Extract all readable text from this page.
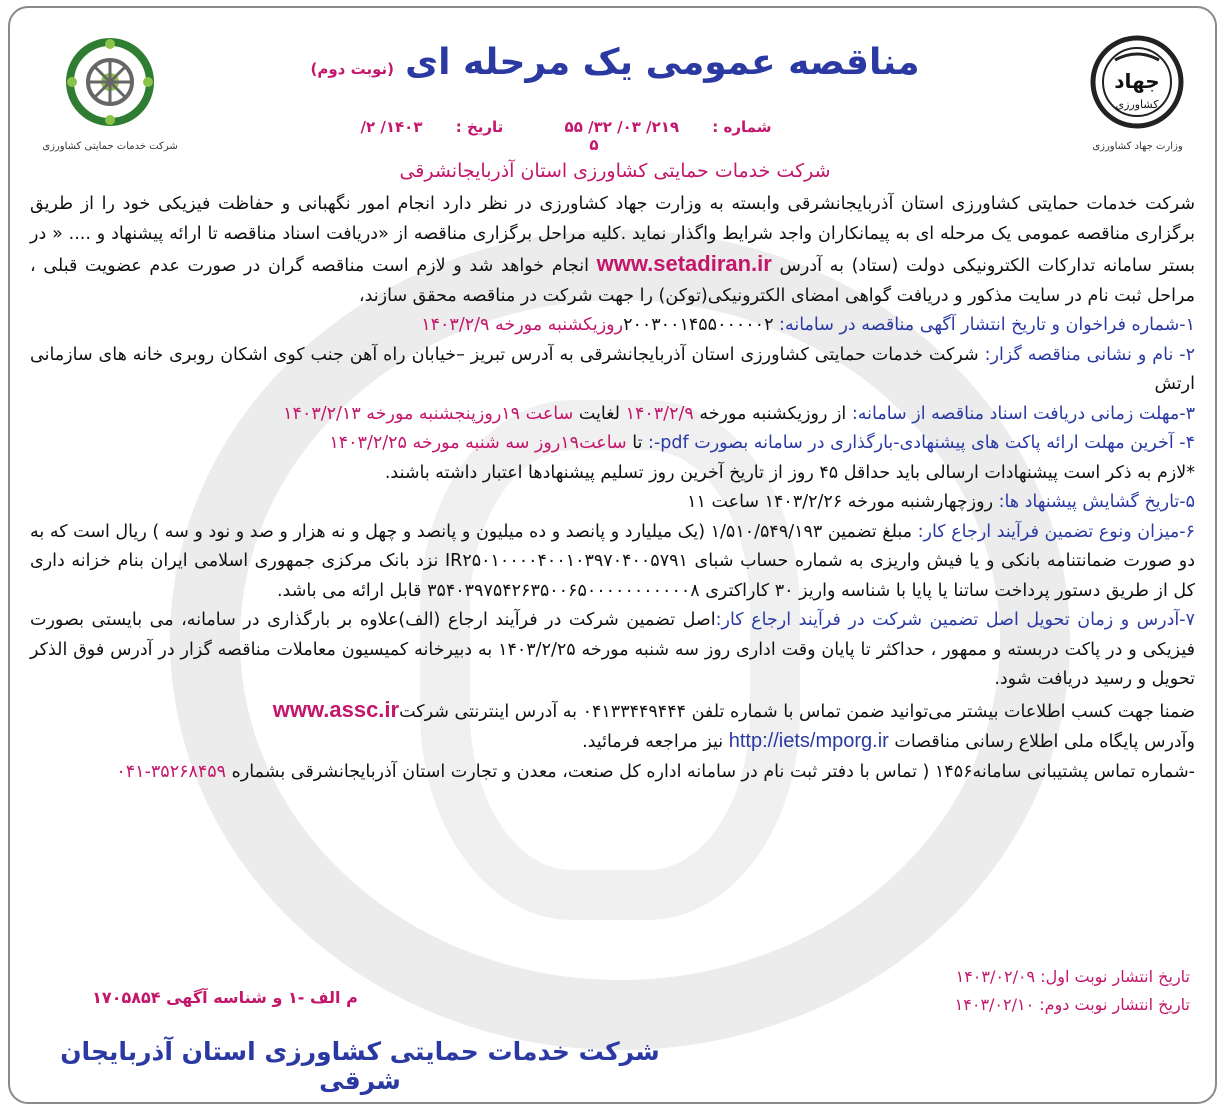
شرکت خدمات حمایتی کشاورزی
جهاد
کشاورزی
وزارت جهاد کشاورزی
مناقصه عمومی یک مرحله ای (نوبت دوم)
شماره : ۲۱۹/ ۰۳/ ۳۲/ ۵۵ تاریخ : ۱۴۰۳/ ۲/ ۵
شرکت خدمات حمایتی کشاورزی استان آذربایجانشرقی

شرکت خدمات حمایتی کشاورزی استان آذربایجانشرقی وابسته به وزارت جهاد کشاورزی در نظر دارد انجام امور نگهبانی و حفاظت فیزیکی خود را از طریق برگزاری مناقصه عمومی یک مرحله ای به پیمانکاران واجد شرایط واگذار نماید .کلیه مراحل برگزاری مناقصه از «دریافت اسناد مناقصه تا ارائه پیشنهاد و .... « در بستر سامانه تدارکات الکترونیکی دولت (ستاد) به آدرس www.setadiran.ir انجام خواهد شد و لازم است مناقصه گران در صورت عدم عضویت قبلی ، مراحل ثبت نام در سایت مذکور و دریافت گواهی امضای الکترونیکی(توکن) را جهت شرکت در مناقصه محقق سازند،

۱-شماره فراخوان و تاریخ انتشار آگهی مناقصه در سامانه: ۲۰۰۳۰۰۱۴۵۵۰۰۰۰۰۲روزیکشنبه مورخه ۱۴۰۳/۲/۹

۲- نام و نشانی مناقصه گزار: شرکت خدمات حمایتی کشاورزی استان آذربایجانشرقی به آدرس تبریز –خیابان راه آهن جنب کوی اشکان روبری خانه های سازمانی ارتش

۳-مهلت زمانی دریافت اسناد مناقصه از سامانه: از روزیکشنبه مورخه ۱۴۰۳/۲/۹ لغایت ساعت ۱۹روزپنجشنبه مورخه ۱۴۰۳/۲/۱۳

۴- آخرین مهلت ارائه پاکت های پیشنهادی-بارگذاری در سامانه بصورت pdf-: تا ساعت۱۹روز سه شنبه مورخه ۱۴۰۳/۲/۲۵

*لازم به ذکر است پیشنهادات ارسالی باید حداقل ۴۵ روز از تاریخ آخرین روز تسلیم پیشنهادها اعتبار داشته باشند.

۵-تاریخ گشایش پیشنهاد ها: روزچهارشنبه مورخه ۱۴۰۳/۲/۲۶ ساعت ۱۱

۶-میزان ونوع تضمین فرآیند ارجاع کار: مبلغ تضمین ۱/۵۱۰/۵۴۹/۱۹۳ (یک میلیارد و پانصد و ده میلیون و پانصد و چهل و نه هزار و صد و نود و سه ) ریال است که به دو صورت ضمانتنامه بانکی و یا فیش واریزی به شماره حساب شبای IR۲۵۰۱۰۰۰۰۴۰۰۱۰۳۹۷۰۴۰۰۵۷۹۱ نزد بانک مرکزی جمهوری اسلامی ایران بنام خزانه داری کل از طریق دستور پرداخت ساتنا یا پایا با شناسه واریز ۳۰ کاراکتری ۳۵۴۰۳۹۷۵۴۲۶۳۵۰۰۶۵۰۰۰۰۰۰۰۰۰۰۰۸ قابل ارائه می باشد.

۷-آدرس و زمان تحویل اصل تضمین شرکت در فرآیند ارجاع کار:اصل تضمین شرکت در فرآیند ارجاع (الف)علاوه بر بارگذاری در سامانه، می بایستی بصورت فیزیکی و در پاکت دربسته و ممهور ، حداکثر تا پایان وقت اداری روز سه شنبه مورخه ۱۴۰۳/۲/۲۵ به دبیرخانه کمیسیون معاملات مناقصه گزار در آدرس فوق الذکر تحویل و رسید دریافت شود.

ضمنا جهت کسب اطلاعات بیشتر می‌توانید ضمن تماس با شماره تلفن ۰۴۱۳۳۴۴۹۴۴۴ به آدرس اینترنتی شرکتwww.assc.ir

وآدرس پایگاه ملی اطلاع رسانی مناقصات http://iets/mporg.ir نیز مراجعه فرمائید.

-شماره تماس پشتیبانی سامانه۱۴۵۶ ( تماس با دفتر ثبت نام در سامانه اداره کل صنعت، معدن و تجارت استان آذربایجانشرقی بشماره ۳۵۲۶۸۴۵۹-۰۴۱

تاریخ انتشار نوبت اول: ۱۴۰۳/۰۲/۰۹
تاریخ انتشار نوبت دوم: ۱۴۰۳/۰۲/۱۰
م الف -۱ و شناسه آگهی ۱۷۰۵۸۵۴
شرکت خدمات حمایتی کشاورزی استان آذربایجان شرقی
